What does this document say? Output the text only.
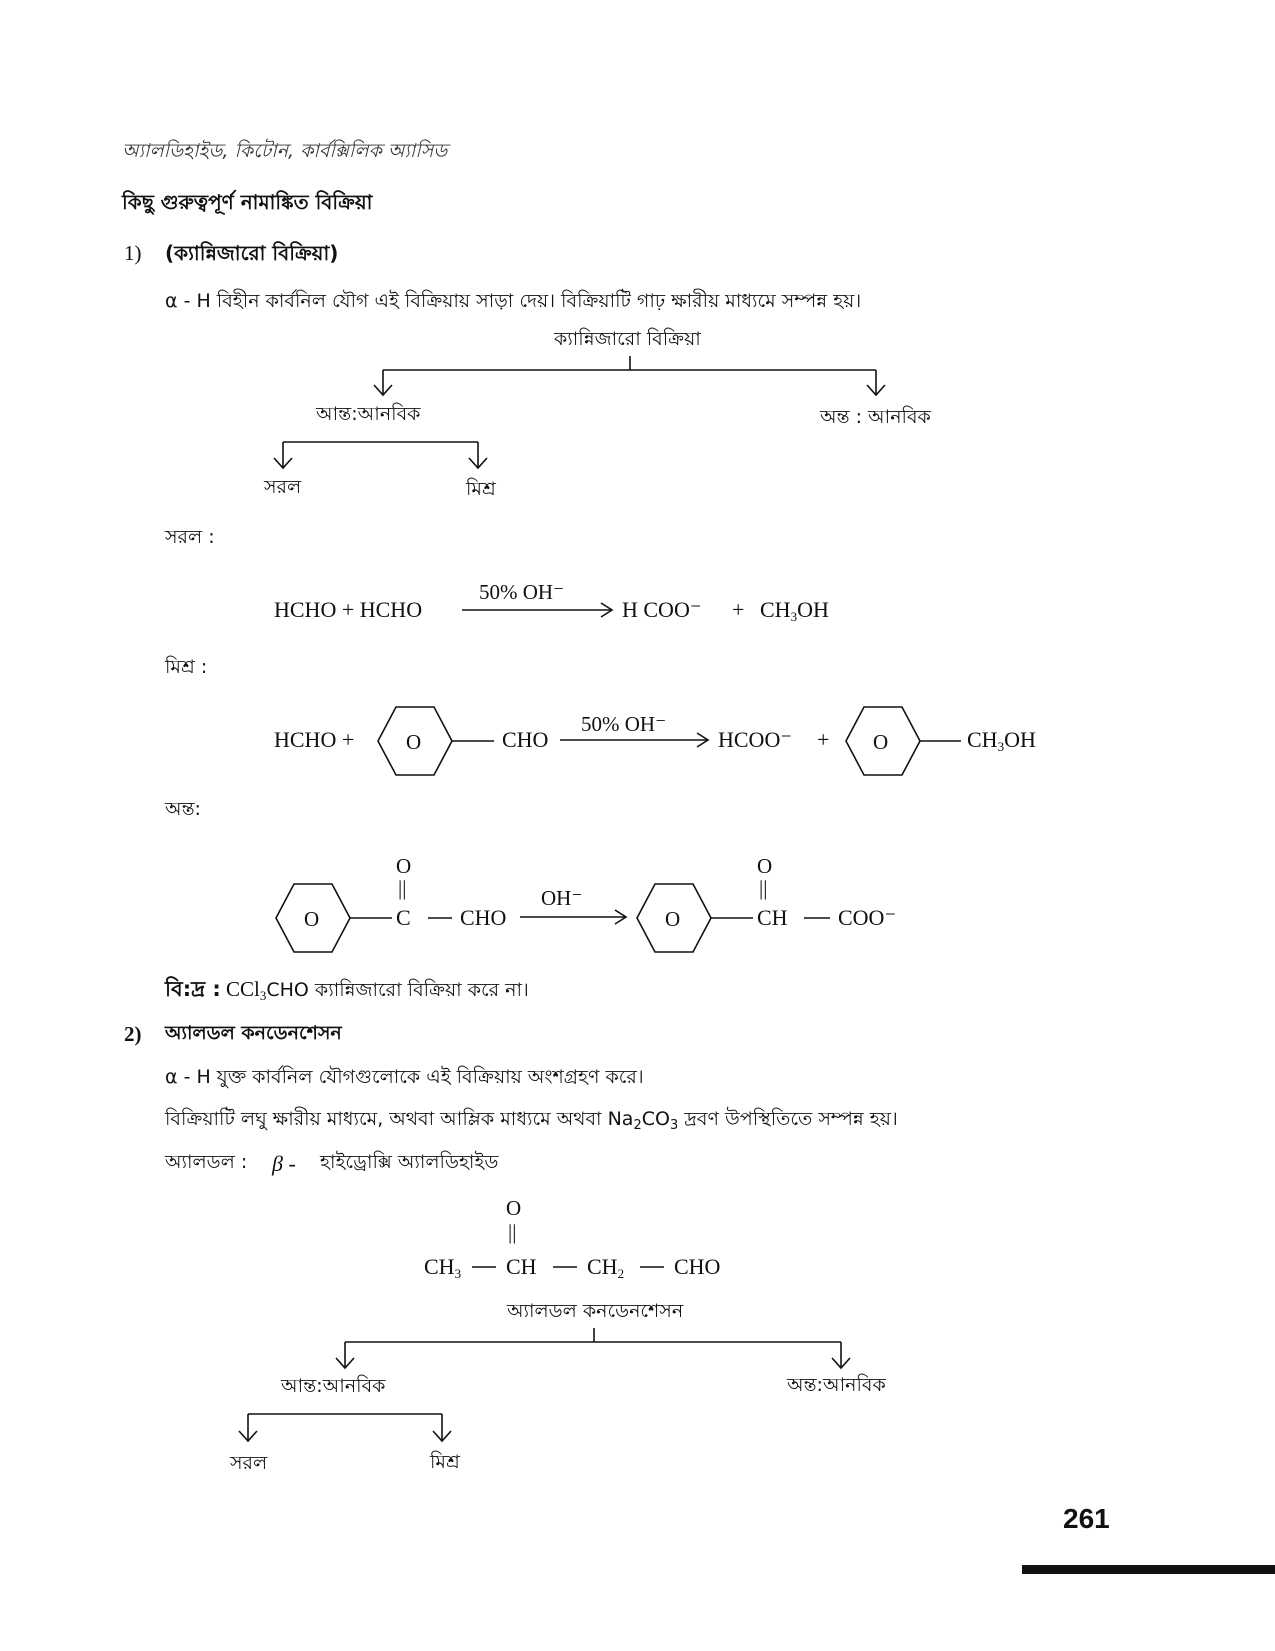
অ্যালডিহাইড, কিটোন, কার্বক্সিলিক অ্যাসিড
কিছু গুরুত্বপূর্ণ নামাঙ্কিত বিক্রিয়া
1) (ক্যান্নিজারো বিক্রিয়া)
α - H বিহীন কার্বনিল যৌগ এই বিক্রিয়ায় সাড়া দেয়। বিক্রিয়াটি গাঢ় ক্ষারীয় মাধ্যমে সম্পন্ন হয়।
ক্যান্নিজারো বিক্রিয়া
আন্ত:আনবিক	অন্ত : আনবিক
সরল	মিশ্র
সরল :
HCHO + HCHO
50% OH⁻
H $COO^- + CH_3OH$
মিশ্র :
HCHO +	CHO
50% OH⁻
HCOO⁻ +	$CH_3OH$
অন্ত:
O
||
C CHO
OH⁻
O
||
CH COO⁻
বি:দ্র : CCl$_3$CHO ক্যান্নিজারো বিক্রিয়া করে না।
2) অ্যালডল কনডেনশেসন
α - H যুক্ত কার্বনিল যৌগগুলোকে এই বিক্রিয়ায় অংশগ্রহণ করে।
বিক্রিয়াটি লঘু ক্ষারীয় মাধ্যমে, অথবা আম্লিক মাধ্যমে অথবা $Na_2CO_3$ দ্রবণ উপস্থিতিতে সম্পন্ন হয়।
অ্যালডল : β - হাইড্রোক্সি অ্যালডিহাইড
O
||
$CH_3$ CH $CH_2$ CHO
অ্যালডল কনডেনশেসন
আন্ত:আনবিক	অন্ত:আনবিক
সরল	মিশ্র
261
O	O
O	O
